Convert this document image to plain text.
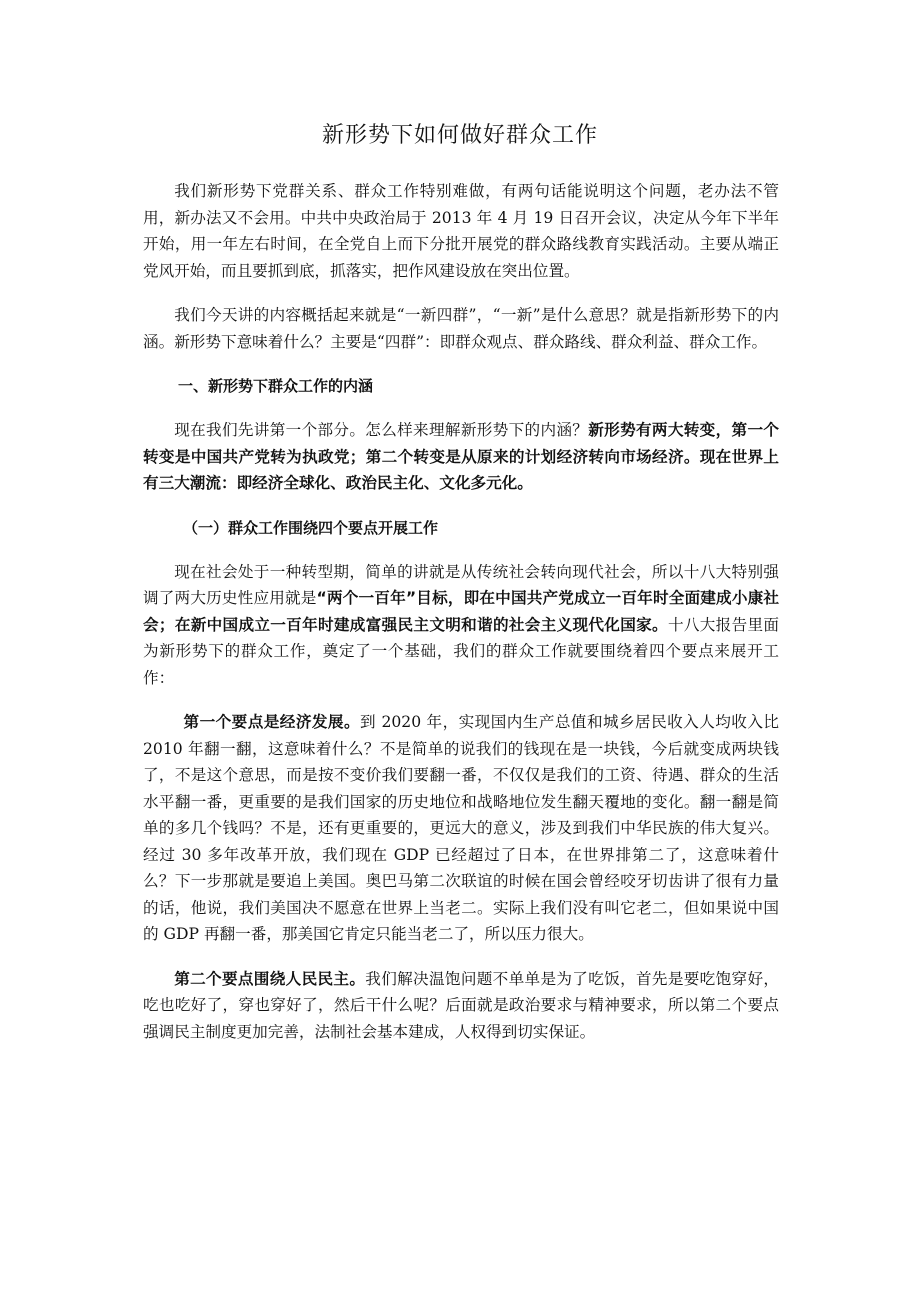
新形势下如何做好群众工作

我们新形势下党群关系、群众工作特别难做，有两句话能说明这个问题，老办法不管用，新办法又不会用。中共中央政治局于 2013 年 4 月 19 日召开会议，决定从今年下半年开始，用一年左右时间，在全党自上而下分批开展党的群众路线教育实践活动。主要从端正党风开始，而且要抓到底，抓落实，把作风建设放在突出位置。

我们今天讲的内容概括起来就是“一新四群”，“一新”是什么意思？就是指新形势下的内涵。新形势下意味着什么？主要是“四群”：即群众观点、群众路线、群众利益、群众工作。

一、新形势下群众工作的内涵

现在我们先讲第一个部分。怎么样来理解新形势下的内涵？新形势有两大转变，第一个转变是中国共产党转为执政党；第二个转变是从原来的计划经济转向市场经济。现在世界上有三大潮流：即经济全球化、政治民主化、文化多元化。

（一）群众工作围绕四个要点开展工作

现在社会处于一种转型期，简单的讲就是从传统社会转向现代社会，所以十八大特别强调了两大历史性应用就是“两个一百年”目标，即在中国共产党成立一百年时全面建成小康社会；在新中国成立一百年时建成富强民主文明和谐的社会主义现代化国家。十八大报告里面为新形势下的群众工作，奠定了一个基础，我们的群众工作就要围绕着四个要点来展开工作：

第一个要点是经济发展。到 2020 年，实现国内生产总值和城乡居民收入人均收入比 2010 年翻一翻，这意味着什么？不是简单的说我们的钱现在是一块钱，今后就变成两块钱了，不是这个意思，而是按不变价我们要翻一番，不仅仅是我们的工资、待遇、群众的生活水平翻一番，更重要的是我们国家的历史地位和战略地位发生翻天覆地的变化。翻一翻是简单的多几个钱吗？不是，还有更重要的，更远大的意义，涉及到我们中华民族的伟大复兴。经过 30 多年改革开放，我们现在 GDP 已经超过了日本，在世界排第二了，这意味着什么？下一步那就是要追上美国。奥巴马第二次联谊的时候在国会曾经咬牙切齿讲了很有力量的话，他说，我们美国决不愿意在世界上当老二。实际上我们没有叫它老二，但如果说中国的 GDP 再翻一番，那美国它肯定只能当老二了，所以压力很大。

第二个要点围绕人民民主。我们解决温饱问题不单单是为了吃饭，首先是要吃饱穿好，吃也吃好了，穿也穿好了，然后干什么呢？后面就是政治要求与精神要求，所以第二个要点强调民主制度更加完善，法制社会基本建成，人权得到切实保证。
